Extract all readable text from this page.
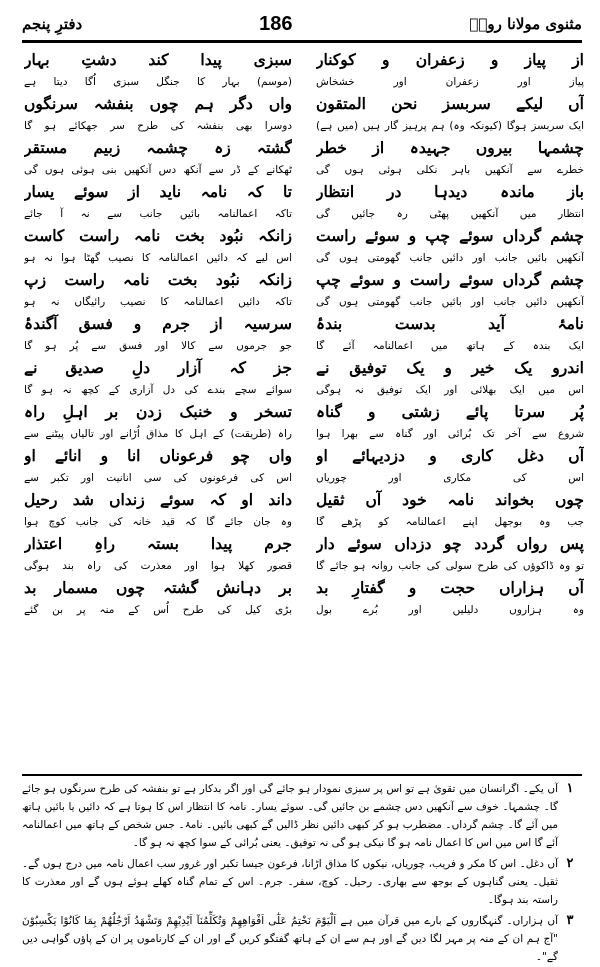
دفترِ پنجم	186	مثنوی مولانا رومؒ
از پیاز و زعفران و کوکنار
پیاز اور زعفران اور خشخاش
آں لیکے سربسز نحن المتقون
ایک سربسز ہوگا (کیونکہ وہ) ہم پرہیز گار ہیں (میں ہے)
چشمہا بیروں جہیدہ از خطر
خطرے سے آنکھیں باہر نکلی ہوئی ہوں گی
باز ماندہ دیدہا در انتظار
انتظار میں آنکھیں پھٹی رہ جائیں گی
چشم گرداں سوئے چپ و سوئے راست
آنکھیں بائیں جانب اور دائیں جانب گھومتی ہوں گی
چشم گرداں سوئے راست و سوئے چپ
آنکھیں دائیں جانب اور بائیں جانب گھومتی ہوں گی
نامۂ آید بدست بندۂ
ایک بندہ کے ہاتھ میں اعمالنامہ آئے گا
اندرو یک خیر و یک توفیق نے
اس میں ایک بھلائی اور ایک توفیق نہ ہوگی
پُر سرتا پائے زشتی و گناہ
شروع سے آخر تک بُرائی اور گناہ سے بھرا ہوا
آں دغل کاری و دزدیہائے او
اس کی مکاری اور چوریاں
چوں بخواند نامہ خود آں ثقیل
جب وہ بوجھل اپنے اعمالنامہ کو پڑھے گا
پس رواں گردد چو دزداں سوئے دار
تو وہ ڈاکوؤں کی طرح سولی کی جانب روانہ ہو جائے گا
آں ہزاراں حجت و گفتارِ بد
وہ ہزاروں دلیلیں اور بُرے بول
سبزی پیدا کند دشتِ بہار
(موسم) بہار کا جنگل سبزی اُگا دیتا ہے
واں دگر ہم چوں بنفشہ سرنگوں
دوسرا بھی بنفشہ کی طرح سر جھکائے ہو گا
گشتہ زہ چشمہ زبیم مستقر
ٹھکانے کے ڈر سے آنکھ دس آنکھیں بنی ہوئی ہوں گی
تا کہ نامہ ناید از سوئے یسار
تاکہ اعمالنامہ بائیں جانب سے نہ آ جائے
زانکہ نبُود بخت نامہ راست کاست
اس لیے کہ دائیں اعمالنامہ کا نصیب گھٹا ہوا نہ ہو
زانکہ نبُود بخت نامہ راست زپ
تاکہ دائیں اعمالنامہ کا نصیب رائیگاں نہ ہو
سرسیہ از جرم و فسق آگندۂ
جو جرموں سے کالا اور فسق سے پُر ہو گا
جز کہ آزار دلِ صدیق نے
سوائے سچے بندے کی دل آزاری کے کچھ نہ ہو گا
تسخر و خنبک زدن بر اہلِ راہ
راہ (طریقت) کے اہل کا مذاق اُڑانے اور تالیاں پیٹنے سے
واں چو فرعوناں انا و انائے او
اس کی فرعونوں کی سی انانیت اور تکبر سے
داند او کہ سوئے زنداں شد رحیل
وہ جان جائے گا کہ قید خانہ کی جانب کوچ ہوا
جرم پیدا بستہ راہِ اعتذار
قصور کھلا ہوا اور معذرت کی راہ بند ہوگی
بر دہانش گشتہ چوں مسمار بد
بڑی کیل کی طرح اُس کے منہ پر بن گئے
۱
آں یکے۔ اگرانسان میں تقویٰ ہے تو اس پر سبزی نمودار ہو جائے گی اور اگر بدکار ہے تو بنفشہ کی طرح سرنگوں ہو جائے گا۔ چشمہا۔ خوف سے آنکھیں دس چشمے بن جائیں گی۔ سوئے یسار۔ نامہ کا انتظار اس کا ہوتا ہے کہ دائیں یا بائیں ہاتھ میں آئے گا۔ چشم گرداں۔ مضطرب ہو کر کبھی دائیں نظر ڈالیں گے کبھی بائیں۔ نامۂ۔ جس شخص کے ہاتھ میں اعمالنامہ آئے گا اس میں اس کا اعمال نامہ ہو گا نیکی ہو گی نہ توفیق۔ یعنی بُرائی کے سوا کچھ نہ ہو گا۔
۲
آں دغل۔ اس کا مکر و فریب، چوریاں، نیکوں کا مذاق اڑانا، فرعون جیسا تکبر اور غرور سب اعمال نامہ میں درج ہوں گے۔ ثقیل۔ یعنی گناہوں کے بوجھ سے بھاری۔ رحیل۔ کوچ، سفر۔ جرم۔ اس کے تمام گناہ کھلے ہوئے ہوں گے اور معذرت کا راستہ بند ہوگا۔
۳
آں ہزاراں۔ گنہگاروں کے بارے میں قرآن میں ہے اَلْیَوْمَ نَخْتِمُ عَلٰٓی اَفْوَاهِهِمْ وَتُكَلِّمُنَآ اَیْدِیْهِمْ وَتَشْهَدُ اَرْجُلُهُمْ بِمَا كَانُوْا یَكْسِبُوْنَ "آج ہم ان کے منہ پر مہر لگا دیں گے اور ہم سے ان کے ہاتھ گفتگو کریں گے اور ان کے کارناموں پر ان کے پاؤں گواہی دیں گے"۔
